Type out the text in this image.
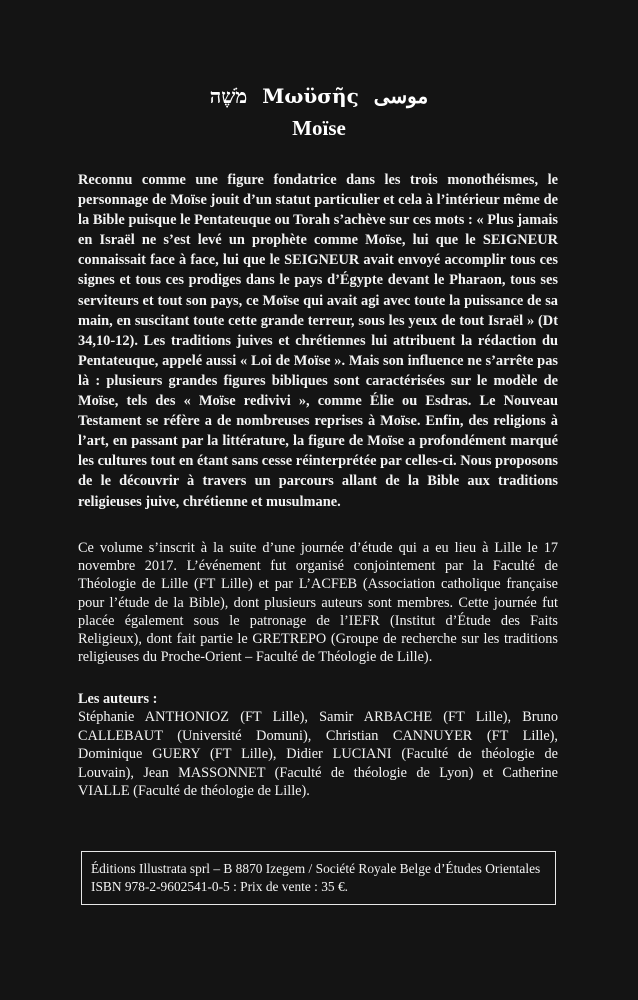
מֹשֶׁה Μωϋσῆς موسى
Moïse
Reconnu comme une figure fondatrice dans les trois monothéismes, le personnage de Moïse jouit d’un statut particulier et cela à l’intérieur même de la Bible puisque le Pentateuque ou Torah s’achève sur ces mots : « Plus jamais en Israël ne s’est levé un prophète comme Moïse, lui que le SEIGNEUR connaissait face à face, lui que le SEIGNEUR avait envoyé accomplir tous ces signes et tous ces prodiges dans le pays d’Égypte devant le Pharaon, tous ses serviteurs et tout son pays, ce Moïse qui avait agi avec toute la puissance de sa main, en suscitant toute cette grande terreur, sous les yeux de tout Israël » (Dt 34,10-12). Les traditions juives et chrétiennes lui attribuent la rédaction du Pentateuque, appelé aussi « Loi de Moïse ». Mais son influence ne s’arrête pas là : plusieurs grandes figures bibliques sont caractérisées sur le modèle de Moïse, tels des « Moïse redivivi », comme Élie ou Esdras. Le Nouveau Testament se réfère a de nombreuses reprises à Moïse. Enfin, des religions à l’art, en passant par la littérature, la figure de Moïse a profondément marqué les cultures tout en étant sans cesse réinterprétée par celles-ci. Nous proposons de le découvrir à travers un parcours allant de la Bible aux traditions religieuses juive, chrétienne et musulmane.
Ce volume s’inscrit à la suite d’une journée d’étude qui a eu lieu à Lille le 17 novembre 2017. L’événement fut organisé conjointement par la Faculté de Théologie de Lille (FT Lille) et par L’ACFEB (Association catholique française pour l’étude de la Bible), dont plusieurs auteurs sont membres. Cette journée fut placée également sous le patronage de l’IEFR (Institut d’Étude des Faits Religieux), dont fait partie le GRETREPO (Groupe de recherche sur les traditions religieuses du Proche-Orient – Faculté de Théologie de Lille).
Les auteurs :
Stéphanie ANTHONIOZ (FT Lille), Samir ARBACHE (FT Lille), Bruno CALLEBAUT (Université Domuni), Christian CANNUYER (FT Lille), Dominique GUERY (FT Lille), Didier LUCIANI (Faculté de théologie de Louvain), Jean MASSONNET (Faculté de théologie de Lyon) et Catherine VIALLE (Faculté de théologie de Lille).
Éditions Illustrata sprl – B 8870 Izegem / Société Royale Belge d’Études Orientales
ISBN 978-2-9602541-0-5 : Prix de vente : 35 €.
